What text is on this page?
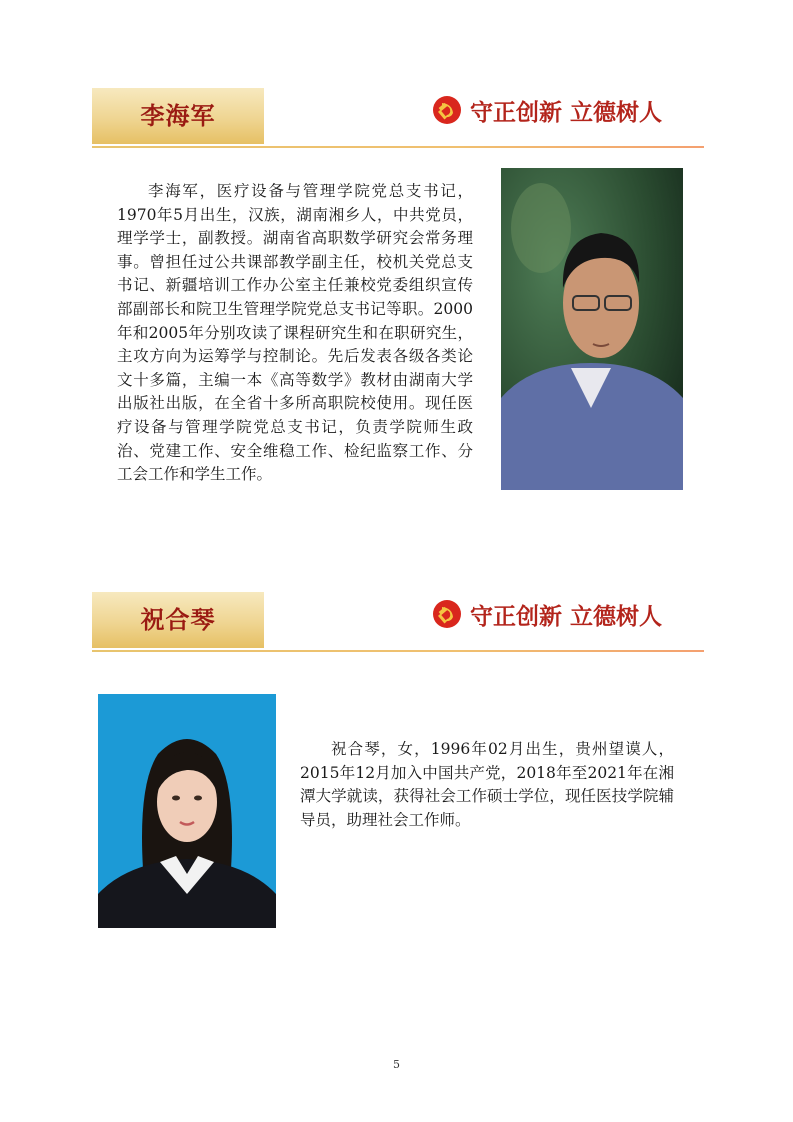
李海军	守正创新 立德树人
李海军，医疗设备与管理学院党总支书记，1970年5月出生，汉族，湖南湘乡人，中共党员，理学学士，副教授。湖南省高职数学研究会常务理事。曾担任过公共课部教学副主任，校机关党总支书记、新疆培训工作办公室主任兼校党委组织宣传部副部长和院卫生管理学院党总支书记等职。2000年和2005年分别攻读了课程研究生和在职研究生，主攻方向为运筹学与控制论。先后发表各级各类论文十多篇，主编一本《高等数学》教材由湖南大学出版社出版，在全省十多所高职院校使用。现任医疗设备与管理学院党总支书记，负责学院师生政治、党建工作、安全维稳工作、检纪监察工作、分工会工作和学生工作。
祝合琴	守正创新 立德树人
祝合琴，女，1996年02月出生，贵州望谟人，2015年12月加入中国共产党，2018年至2021年在湘潭大学就读，获得社会工作硕士学位，现任医技学院辅导员，助理社会工作师。
5
